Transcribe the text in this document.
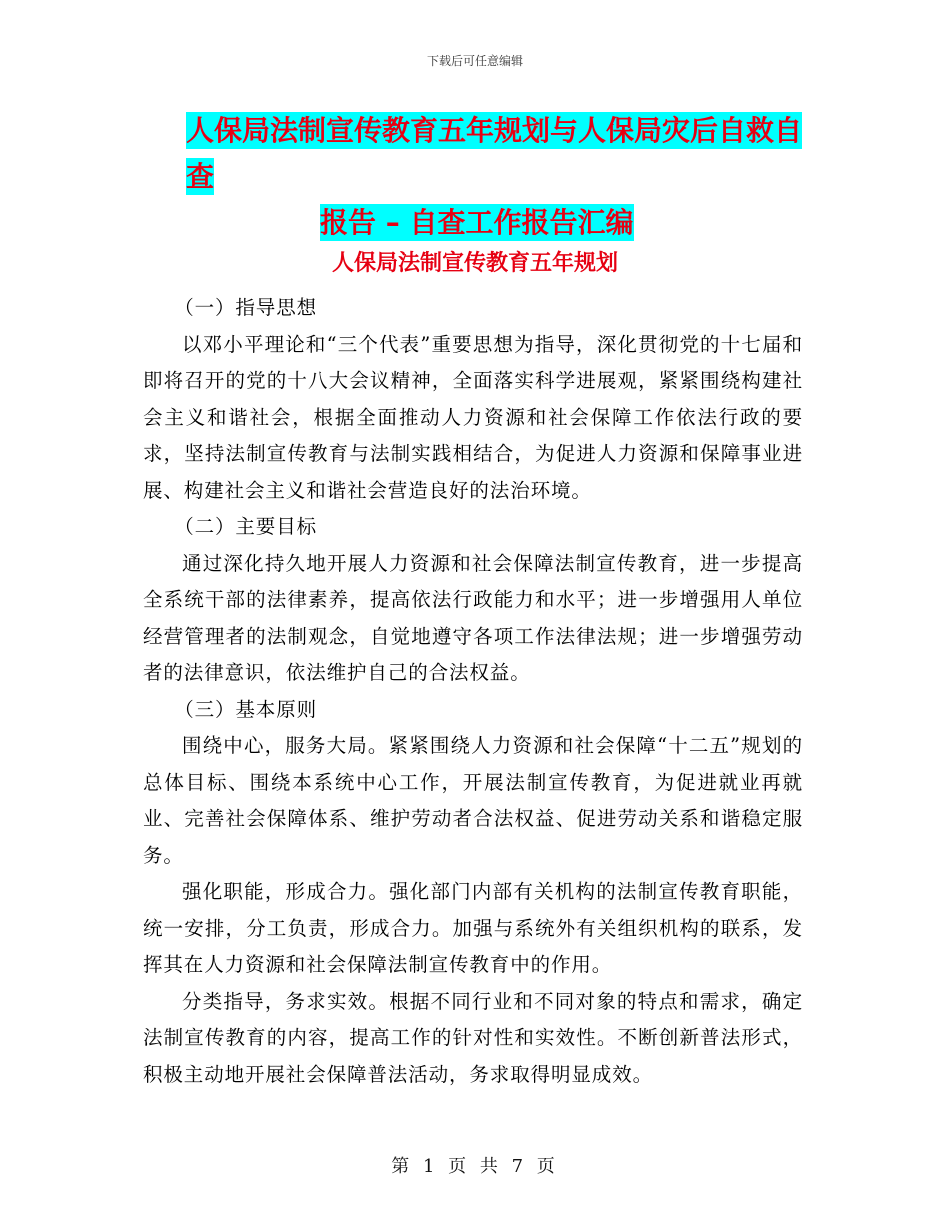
下载后可任意编辑
人保局法制宣传教育五年规划与人保局灾后自救自查
报告 – 自查工作报告汇编
人保局法制宣传教育五年规划

（一）指导思想

以邓小平理论和“三个代表”重要思想为指导，深化贯彻党的十七届和即将召开的党的十八大会议精神，全面落实科学进展观，紧紧围绕构建社会主义和谐社会，根据全面推动人力资源和社会保障工作依法行政的要求，坚持法制宣传教育与法制实践相结合，为促进人力资源和保障事业进展、构建社会主义和谐社会营造良好的法治环境。

（二）主要目标

通过深化持久地开展人力资源和社会保障法制宣传教育，进一步提高全系统干部的法律素养，提高依法行政能力和水平；进一步增强用人单位经营管理者的法制观念，自觉地遵守各项工作法律法规；进一步增强劳动者的法律意识，依法维护自己的合法权益。

（三）基本原则

围绕中心，服务大局。紧紧围绕人力资源和社会保障“十二五”规划的总体目标、围绕本系统中心工作，开展法制宣传教育，为促进就业再就业、完善社会保障体系、维护劳动者合法权益、促进劳动关系和谐稳定服务。

强化职能，形成合力。强化部门内部有关机构的法制宣传教育职能，统一安排，分工负责，形成合力。加强与系统外有关组织机构的联系，发挥其在人力资源和社会保障法制宣传教育中的作用。

分类指导，务求实效。根据不同行业和不同对象的特点和需求，确定法制宣传教育的内容，提高工作的针对性和实效性。不断创新普法形式，积极主动地开展社会保障普法活动，务求取得明显成效。

第 1 页 共 7 页
